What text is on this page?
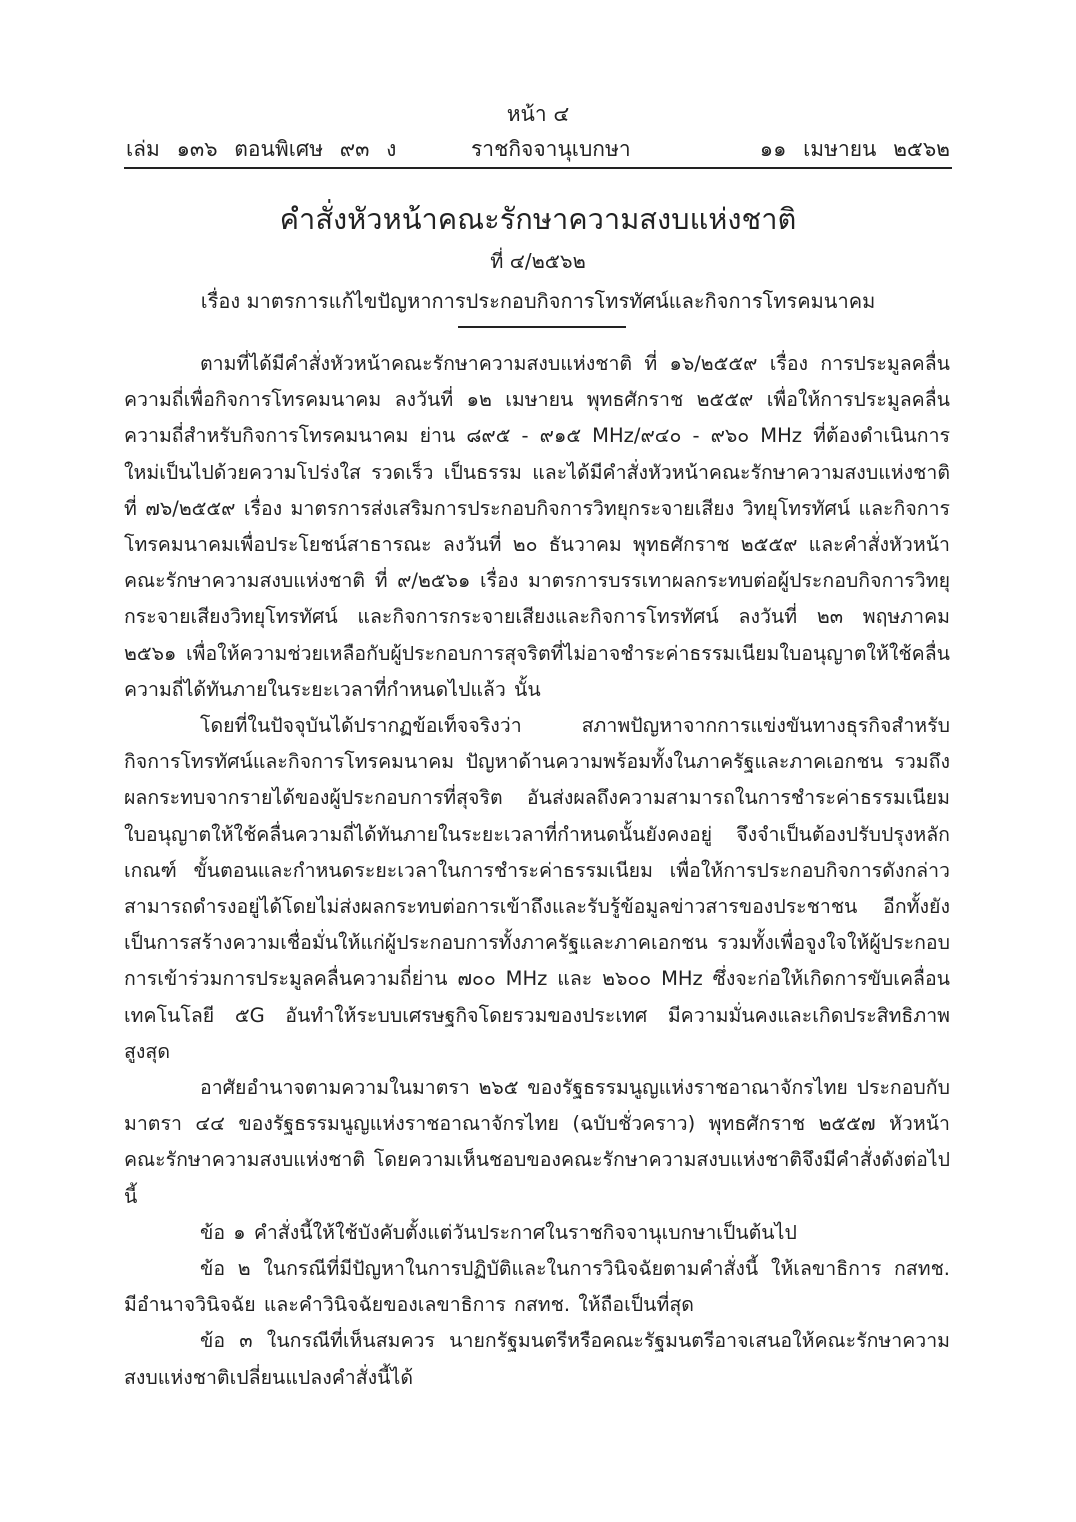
หน้า ๔
เล่ม ๑๓๖ ตอนพิเศษ ๙๓ ง	ราชกิจจานุเบกษา	๑๑ เมษายน ๒๕๖๒
คำสั่งหัวหน้าคณะรักษาความสงบแห่งชาติ
ที่ ๔/๒๕๖๒
เรื่อง มาตรการแก้ไขปัญหาการประกอบกิจการโทรทัศน์และกิจการโทรคมนาคม

ตามที่ได้มีคำสั่งหัวหน้าคณะรักษาความสงบแห่งชาติ ที่ ๑๖/๒๕๕๙ เรื่อง การประมูลคลื่นความถี่เพื่อกิจการโทรคมนาคม ลงวันที่ ๑๒ เมษายน พุทธศักราช ๒๕๕๙ เพื่อให้การประมูลคลื่นความถี่สำหรับกิจการโทรคมนาคม ย่าน ๘๙๕ - ๙๑๕ MHz/๙๔๐ - ๙๖๐ MHz ที่ต้องดำเนินการใหม่เป็นไปด้วยความโปร่งใส รวดเร็ว เป็นธรรม และได้มีคำสั่งหัวหน้าคณะรักษาความสงบแห่งชาติ ที่ ๗๖/๒๕๕๙ เรื่อง มาตรการส่งเสริมการประกอบกิจการวิทยุกระจายเสียง วิทยุโทรทัศน์ และกิจการโทรคมนาคมเพื่อประโยชน์สาธารณะ ลงวันที่ ๒๐ ธันวาคม พุทธศักราช ๒๕๕๙ และคำสั่งหัวหน้าคณะรักษาความสงบแห่งชาติ ที่ ๙/๒๕๖๑ เรื่อง มาตรการบรรเทาผลกระทบต่อผู้ประกอบกิจการวิทยุกระจายเสียงวิทยุโทรทัศน์ และกิจการกระจายเสียงและกิจการโทรทัศน์ ลงวันที่ ๒๓ พฤษภาคม ๒๕๖๑ เพื่อให้ความช่วยเหลือกับผู้ประกอบการสุจริตที่ไม่อาจชำระค่าธรรมเนียมใบอนุญาตให้ใช้คลื่นความถี่ได้ทันภายในระยะเวลาที่กำหนดไปแล้ว นั้น

โดยที่ในปัจจุบันได้ปรากฏข้อเท็จจริงว่า สภาพปัญหาจากการแข่งขันทางธุรกิจสำหรับกิจการโทรทัศน์และกิจการโทรคมนาคม ปัญหาด้านความพร้อมทั้งในภาครัฐและภาคเอกชน รวมถึงผลกระทบจากรายได้ของผู้ประกอบการที่สุจริต อันส่งผลถึงความสามารถในการชำระค่าธรรมเนียมใบอนุญาตให้ใช้คลื่นความถี่ได้ทันภายในระยะเวลาที่กำหนดนั้นยังคงอยู่ จึงจำเป็นต้องปรับปรุงหลักเกณฑ์ ขั้นตอนและกำหนดระยะเวลาในการชำระค่าธรรมเนียม เพื่อให้การประกอบกิจการดังกล่าวสามารถดำรงอยู่ได้โดยไม่ส่งผลกระทบต่อการเข้าถึงและรับรู้ข้อมูลข่าวสารของประชาชน อีกทั้งยังเป็นการสร้างความเชื่อมั่นให้แก่ผู้ประกอบการทั้งภาครัฐและภาคเอกชน รวมทั้งเพื่อจูงใจให้ผู้ประกอบการเข้าร่วมการประมูลคลื่นความถี่ย่าน ๗๐๐ MHz และ ๒๖๐๐ MHz ซึ่งจะก่อให้เกิดการขับเคลื่อนเทคโนโลยี ๕G อันทำให้ระบบเศรษฐกิจโดยรวมของประเทศ มีความมั่นคงและเกิดประสิทธิภาพสูงสุด

อาศัยอำนาจตามความในมาตรา ๒๖๕ ของรัฐธรรมนูญแห่งราชอาณาจักรไทย ประกอบกับมาตรา ๔๔ ของรัฐธรรมนูญแห่งราชอาณาจักรไทย (ฉบับชั่วคราว) พุทธศักราช ๒๕๕๗ หัวหน้าคณะรักษาความสงบแห่งชาติ โดยความเห็นชอบของคณะรักษาความสงบแห่งชาติจึงมีคำสั่งดังต่อไปนี้

ข้อ ๑ คำสั่งนี้ให้ใช้บังคับตั้งแต่วันประกาศในราชกิจจานุเบกษาเป็นต้นไป

ข้อ ๒ ในกรณีที่มีปัญหาในการปฏิบัติและในการวินิจฉัยตามคำสั่งนี้ ให้เลขาธิการ กสทช. มีอำนาจวินิจฉัย และคำวินิจฉัยของเลขาธิการ กสทช. ให้ถือเป็นที่สุด

ข้อ ๓ ในกรณีที่เห็นสมควร นายกรัฐมนตรีหรือคณะรัฐมนตรีอาจเสนอให้คณะรักษาความสงบแห่งชาติเปลี่ยนแปลงคำสั่งนี้ได้
